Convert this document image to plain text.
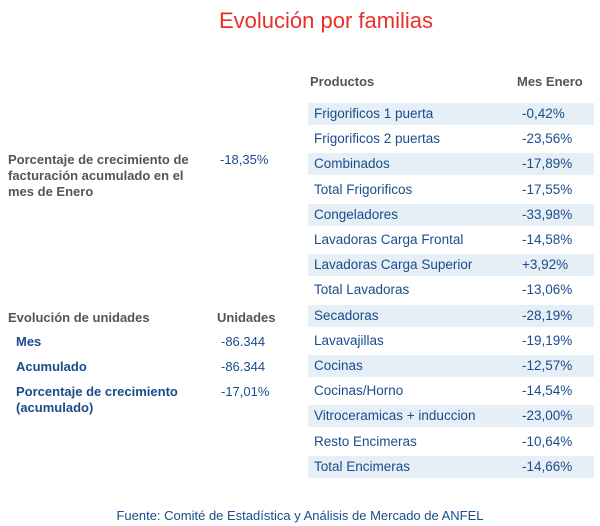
Evolución por familias
Porcentaje de crecimiento de facturación acumulado en el mes de Enero
-18,35%
Evolución de unidades	Unidades
Mes	-86.344
Acumulado	-86.344
Porcentaje de crecimiento (acumulado)
-17,01%
Productos	Mes Enero
Frigorificos 1 puerta	-0,42%
Frigorificos 2 puertas	-23,56%
Combinados	-17,89%
Total Frigorificos	-17,55%
Congeladores	-33,98%
Lavadoras Carga Frontal	-14,58%
Lavadoras Carga Superior	+3,92%
Total Lavadoras	-13,06%
Secadoras	-28,19%
Lavavajillas	-19,19%
Cocinas	-12,57%
Cocinas/Horno	-14,54%
Vitroceramicas + induccion	-23,00%
Resto Encimeras	-10,64%
Total Encimeras	-14,66%
Fuente: Comité de Estadística y Análisis de Mercado de ANFEL
